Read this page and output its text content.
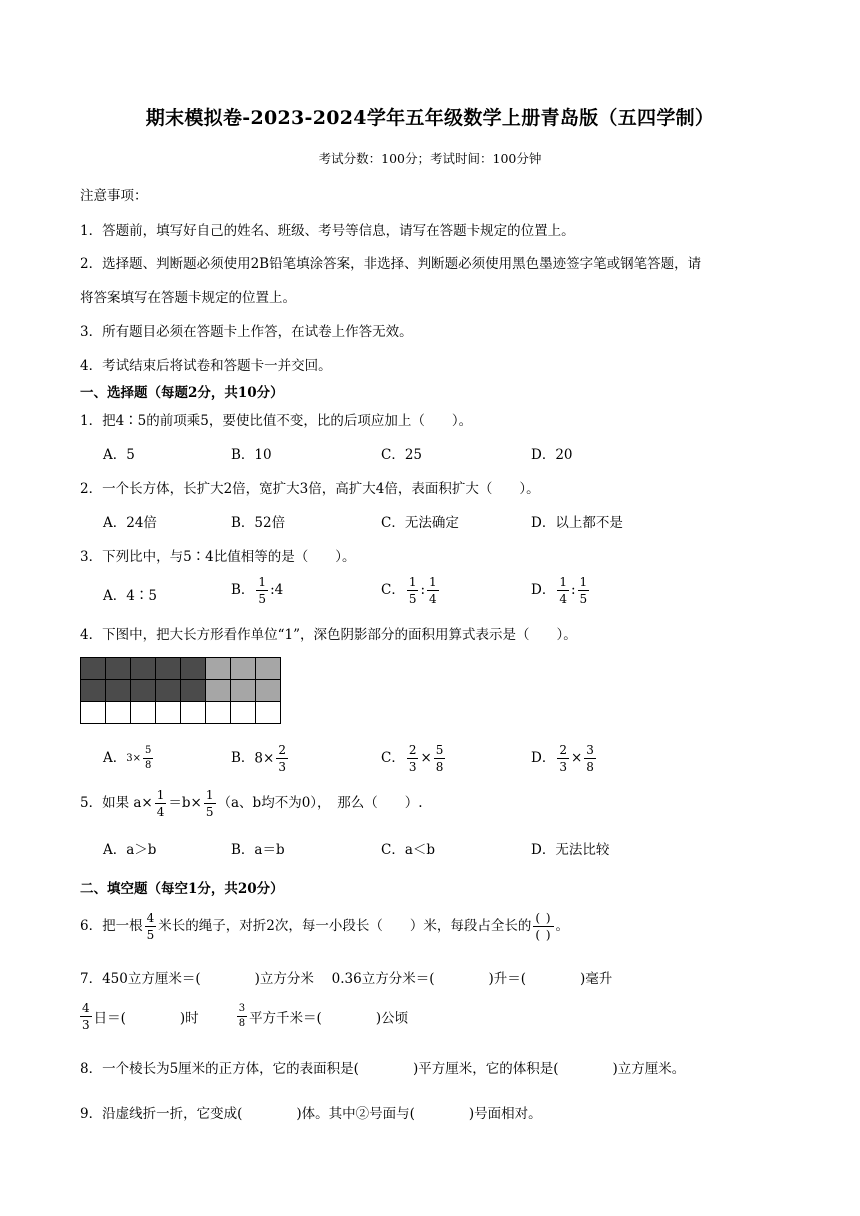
期末模拟卷-2023-2024学年五年级数学上册青岛版（五四学制）
考试分数：100分；考试时间：100分钟
注意事项：
1．答题前，填写好自己的姓名、班级、考号等信息，请写在答题卡规定的位置上。
2．选择题、判断题必须使用2B铅笔填涂答案，非选择、判断题必须使用黑色墨迹签字笔或钢笔答题，请
将答案填写在答题卡规定的位置上。
3．所有题目必须在答题卡上作答，在试卷上作答无效。
4．考试结束后将试卷和答题卡一并交回。
一、选择题（每题2分，共10分）
1．把4∶5的前项乘5，要使比值不变，比的后项应加上（　　）。
A．5	B．10	C．25	D．20
2．一个长方体，长扩大2倍，宽扩大3倍，高扩大4倍，表面积扩大（　　）。
A．24倍	B．52倍	C．无法确定	D．以上都不是
3．下列比中，与5∶4比值相等的是（　　）。
A．4∶5	B． $\frac{1}{5}$ :4	C． $\frac{1}{5}$ : $\frac{1}{4}$	D． $\frac{1}{4}$ : $\frac{1}{5}$
4．下图中，把大长方形看作单位“1”，深色阴影部分的面积用算式表示是（　　）。

A．$3\times \frac{5}{8}$	B．$8\times \frac{2}{3}$	C． $\frac{2}{3} \times \frac{5}{8}$	D． $\frac{2}{3} \times \frac{3}{8}$
5．如果 $a\times \frac{1}{4} =b\times \frac{1}{5} (a$、b均不为0），　那么（　　）.
A．a＞b	B．a＝b	C．a＜b	D．无法比较
二、填空题（每空1分，共20分）
6．把一根 $\frac{4}{5}$ 米长的绳子，对折2次，每一小段长（　　）米，每段占全长的 $\frac{( )}{( )}$ 。
7．450立方厘米＝(　　　　)立方分米　 0.36立方分米＝(　　　　)升＝(　　　　)毫升
$\frac{4}{3}$ 日＝(　　　　)时	$\frac{3}{8}$ 平方千米＝(　　　　)公顷
8．一个棱长为5厘米的正方体，它的表面积是(　　　　)平方厘米，它的体积是(　　　　)立方厘米。
9．沿虚线折一折，它变成(　　　　)体。其中②号面与(　　　　)号面相对。
